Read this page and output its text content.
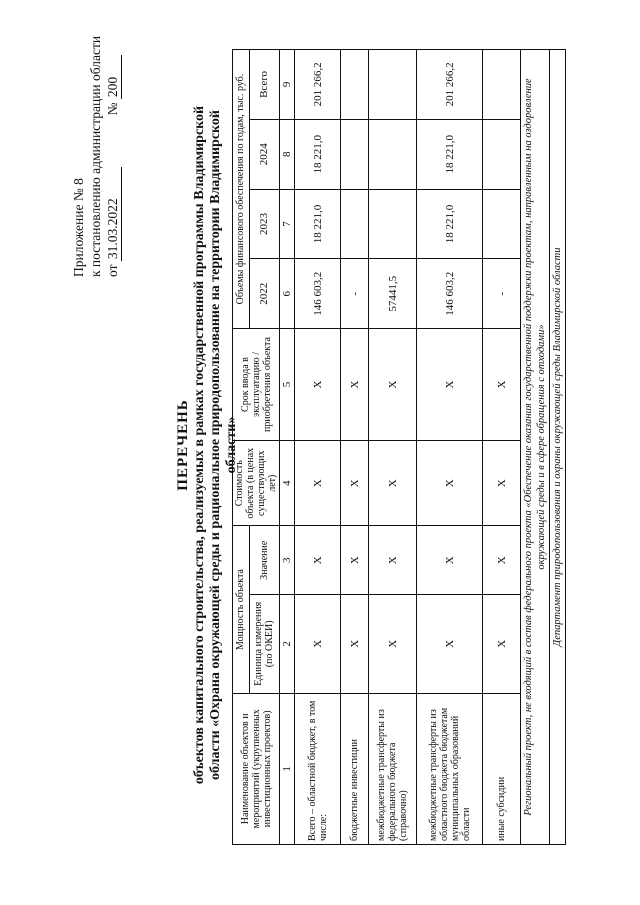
Приложение № 8 к постановлению администрации области от 31.03.2022  № 200
ПЕРЕЧЕНЬ объектов капитального строительства, реализуемых в рамках государственной программы Владимирской области «Охрана окружающей среды и рациональное природопользование на территории Владимирской области»
Наименование объектов и мероприятий (укрупненных инвестиционных проектов)	Мощность объекта		Стоимость объекта (в ценах существующих лет)	Срок ввода в эксплуатацию /приобретения объекта	Объемы финансового обеспечения по годам, тыс. руб.			
	Единица измерения (по ОКЕИ)	Значение			2022	2023	2024	Всего
1	2	3	4	5	6	7	8	9
Всего – областной бюджет, в том числе:	X	X	X	X	146 603,2	18 221,0	18 221,0	201 266,2
бюджетные инвестиции	X	X	X	X	-			
межбюджетные трансферты из федерального бюджета (справочно)	X	X	X	X	57441,5			
межбюджетные трансферты из областного бюджета бюджетам муниципальных образований области	X	X	X	X	146 603,2	18 221,0	18 221,0	201 266,2
иные субсидии	X	X	X	X	-			
Региональный проект, не входящий в состав федерального проекта «Обеспечение оказания государственной поддержки проектам, направленным на оздоровление окружающей среды и в сфере обращения с отходами»								
Департамент природопользования и охраны окружающей среды Владимирской области								
